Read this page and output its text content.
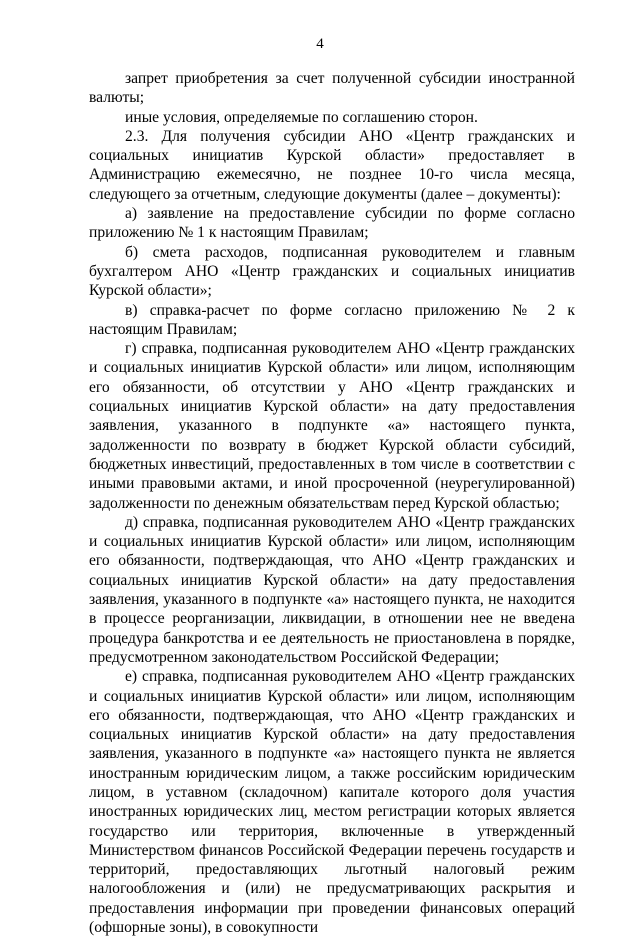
4

запрет приобретения за счет полученной субсидии иностранной валюты;

иные условия, определяемые по соглашению сторон.

2.3. Для получения субсидии АНО «Центр гражданских и социальных инициатив Курской области» предоставляет в Администрацию ежемесячно, не позднее 10-го числа месяца, следующего за отчетным, следующие документы (далее – документы):

а) заявление на предоставление субсидии по форме согласно приложению № 1 к настоящим Правилам;

б) смета расходов, подписанная руководителем и главным бухгалтером АНО «Центр гражданских и социальных инициатив Курской области»;

в) справка-расчет по форме согласно приложению № 2 к настоящим Правилам;

г) справка, подписанная руководителем АНО «Центр гражданских и социальных инициатив Курской области» или лицом, исполняющим его обязанности, об отсутствии у АНО «Центр гражданских и социальных инициатив Курской области» на дату предоставления заявления, указанного в подпункте «а» настоящего пункта, задолженности по возврату в бюджет Курской области субсидий, бюджетных инвестиций, предоставленных в том числе в соответствии с иными правовыми актами, и иной просроченной (неурегулированной) задолженности по денежным обязательствам перед Курской областью;

д) справка, подписанная руководителем АНО «Центр гражданских и социальных инициатив Курской области» или лицом, исполняющим его обязанности, подтверждающая, что АНО «Центр гражданских и социальных инициатив Курской области» на дату предоставления заявления, указанного в подпункте «а» настоящего пункта, не находится в процессе реорганизации, ликвидации, в отношении нее не введена процедура банкротства и ее деятельность не приостановлена в порядке, предусмотренном законодательством Российской Федерации;

е) справка, подписанная руководителем АНО «Центр гражданских и социальных инициатив Курской области» или лицом, исполняющим его обязанности, подтверждающая, что АНО «Центр гражданских и социальных инициатив Курской области» на дату предоставления заявления, указанного в подпункте «а» настоящего пункта не является иностранным юридическим лицом, а также российским юридическим лицом, в уставном (складочном) капитале которого доля участия иностранных юридических лиц, местом регистрации которых является государство или территория, включенные в утвержденный Министерством финансов Российской Федерации перечень государств и территорий, предоставляющих льготный налоговый режим налогообложения и (или) не предусматривающих раскрытия и предоставления информации при проведении финансовых операций (офшорные зоны), в совокупности
